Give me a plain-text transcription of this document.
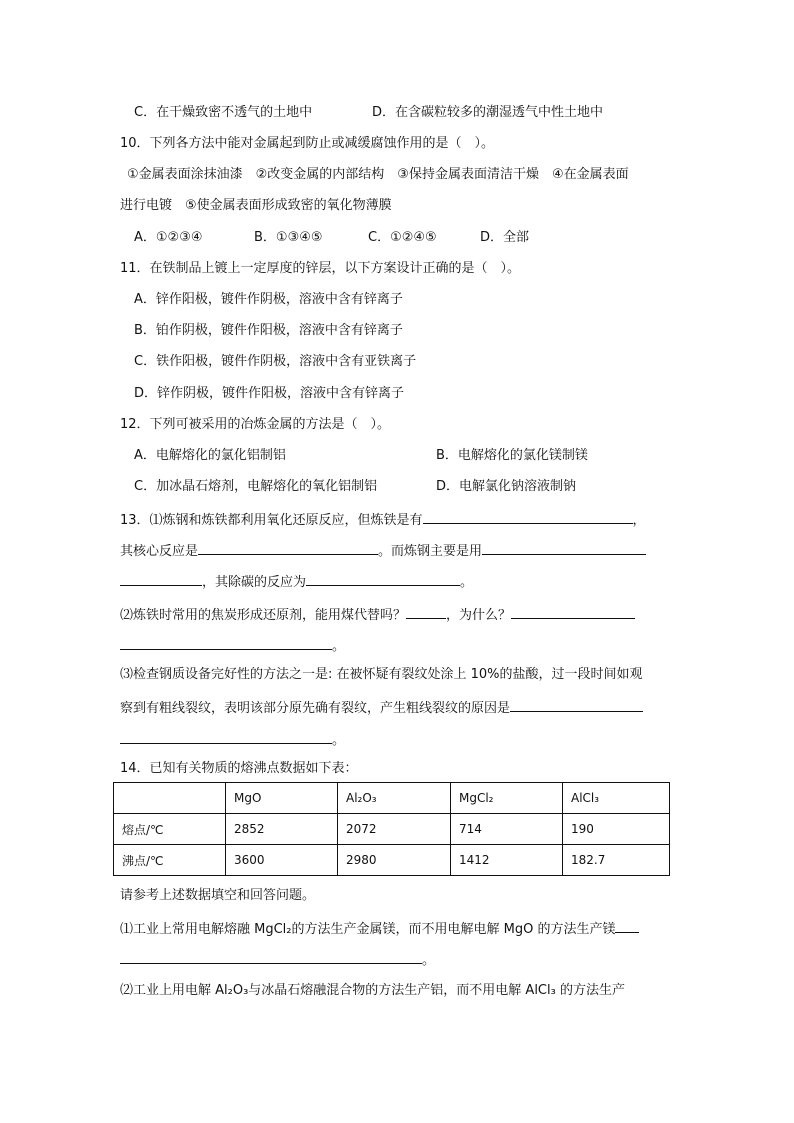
C．在干燥致密不透气的土地中	D．在含碳粒较多的潮湿透气中性土地中
10．下列各方法中能对金属起到防止或减缓腐蚀作用的是（　）。
①金属表面涂抹油漆　②改变金属的内部结构　③保持金属表面清洁干燥　④在金属表面
进行电镀　⑤使金属表面形成致密的氧化物薄膜
A．①②③④	B．①③④⑤	C．①②④⑤	D．全部
11．在铁制品上镀上一定厚度的锌层，以下方案设计正确的是（　）。
A．锌作阳极，镀件作阴极，溶液中含有锌离子
B．铂作阴极，镀件作阳极，溶液中含有锌离子
C．铁作阳极，镀件作阴极，溶液中含有亚铁离子
D．锌作阴极，镀件作阳极，溶液中含有锌离子
12．下列可被采用的冶炼金属的方法是（　）。
A．电解熔化的氯化铝制铝	B．电解熔化的氯化镁制镁
C．加冰晶石熔剂，电解熔化的氧化铝制铝	D．电解氯化钠溶液制钠
13．⑴炼钢和炼铁都利用氧化还原反应，但炼铁是有	，
其核心反应是	。而炼钢主要是用
，其除碳的反应为	。
⑵炼铁时常用的焦炭形成还原剂，能用煤代替吗？	，为什么？
。
⑶检查钢质设备完好性的方法之一是: 在被怀疑有裂纹处涂上 10%的盐酸，过一段时间如观
察到有粗线裂纹，表明该部分原先确有裂纹，产生粗线裂纹的原因是
。
14．已知有关物质的熔沸点数据如下表：
	MgO	Al₂O₃	MgCl₂	AlCl₃
熔点/℃	2852	2072	714	190
沸点/℃	3600	2980	1412	182.7
请参考上述数据填空和回答问题。
⑴工业上常用电解熔融 MgCl₂的方法生产金属镁，而不用电解电解 MgO 的方法生产镁
。
⑵工业上用电解 Al₂O₃与冰晶石熔融混合物的方法生产铝，而不用电解 AlCl₃ 的方法生产
